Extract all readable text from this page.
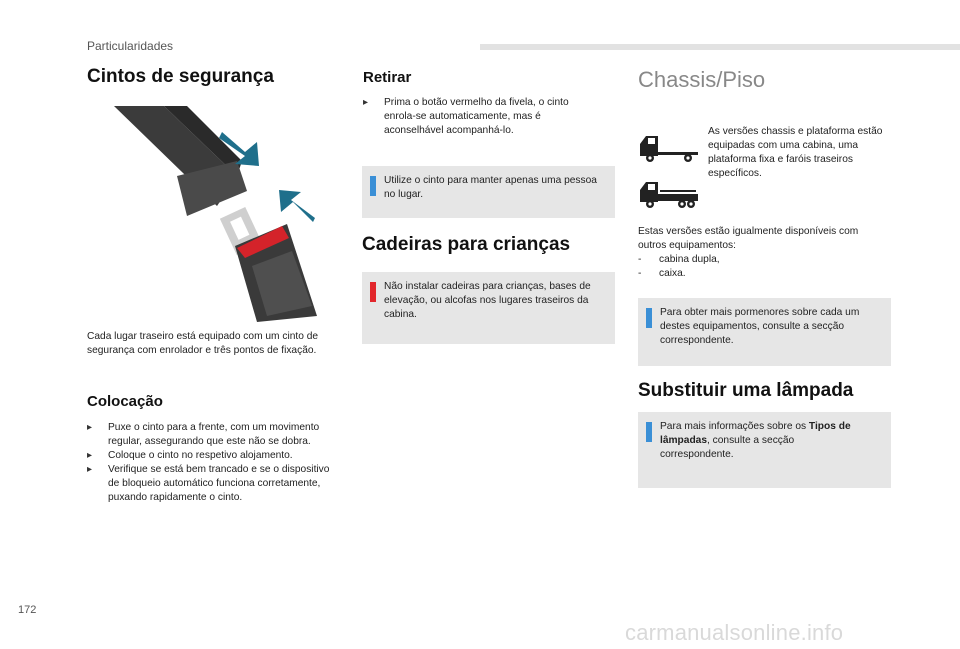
Particularidades
Cintos de segurança
Cada lugar traseiro está equipado com um cinto de segurança com enrolador e três pontos de fixação.
Colocação
▸ Puxe o cinto para a frente, com um movimento regular, assegurando que este não se dobra.
▸ Coloque o cinto no respetivo alojamento.
▸ Verifique se está bem trancado e se o dispositivo de bloqueio automático funciona corretamente, puxando rapidamente o cinto.
Retirar
▸ Prima o botão vermelho da fivela, o cinto enrola-se automaticamente, mas é aconselhável acompanhá-lo.
Utilize o cinto para manter apenas uma pessoa no lugar.
Cadeiras para crianças
Não instalar cadeiras para crianças, bases de elevação, ou alcofas nos lugares traseiros da cabina.
Chassis/Piso
As versões chassis e plataforma estão equipadas com uma cabina, uma plataforma fixa e faróis traseiros específicos.
Estas versões estão igualmente disponíveis com outros equipamentos:
- cabina dupla,
- caixa.
Para obter mais pormenores sobre cada um destes equipamentos, consulte a secção correspondente.
Substituir uma lâmpada
Para mais informações sobre os Tipos de lâmpadas, consulte a secção correspondente.
172
carmanualsonline.info
